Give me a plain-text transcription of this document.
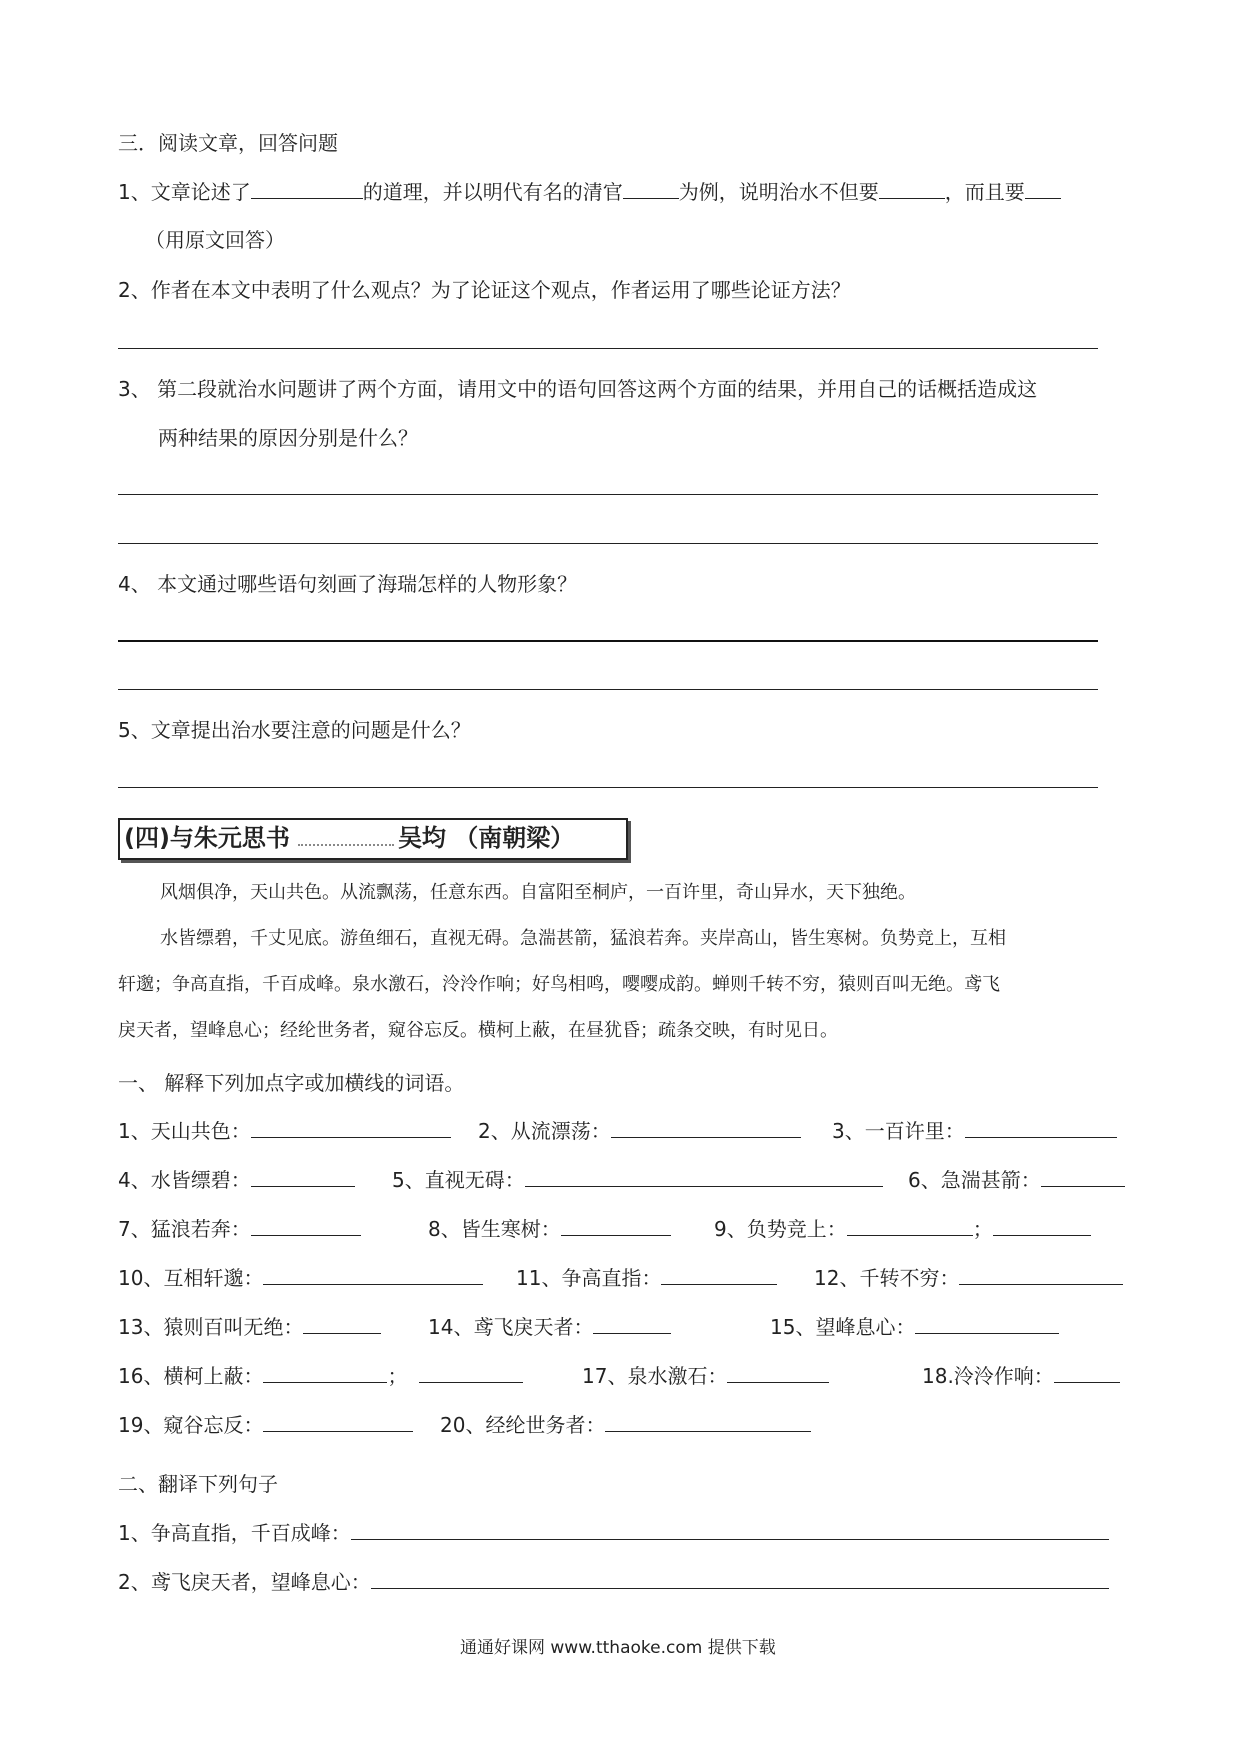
三．阅读文章，回答问题
1、文章论述了	的道理，并以明代有名的清官	为例，说明治水不但要	，而且要
（用原文回答）
2、作者在本文中表明了什么观点？为了论证这个观点，作者运用了哪些论证方法？
3、 第二段就治水问题讲了两个方面，请用文中的语句回答这两个方面的结果，并用自己的话概括造成这
两种结果的原因分别是什么？
4、 本文通过哪些语句刻画了海瑞怎样的人物形象？
5、文章提出治水要注意的问题是什么？
(四)与朱元思书	吴均 （南朝梁）
风烟俱净，天山共色。从流飘荡，任意东西。自富阳至桐庐，一百许里，奇山异水，天下独绝。
水皆缥碧，千丈见底。游鱼细石，直视无碍。急湍甚箭，猛浪若奔。夹岸高山，皆生寒树。负势竞上，互相
轩邈；争高直指，千百成峰。泉水激石，泠泠作响；好鸟相鸣，嘤嘤成韵。蝉则千转不穷，猿则百叫无绝。鸢飞
戾天者，望峰息心；经纶世务者，窥谷忘反。横柯上蔽，在昼犹昏；疏条交映，有时见日。
一、 解释下列加点字或加横线的词语。
1、天山共色：	2、从流漂荡：	3、一百许里：
4、水皆缥碧：	5、直视无碍：	6、急湍甚箭：
7、猛浪若奔：	8、皆生寒树：	9、负势竞上：	；
10、互相轩邈：	11、争高直指：	12、千转不穷：
13、猿则百叫无绝：	14、鸢飞戾天者：	15、望峰息心：
16、横柯上蔽：	；	17、泉水激石：	18.泠泠作响：
19、窥谷忘反：	20、经纶世务者：
二、翻译下列句子
1、争高直指，千百成峰：
2、鸢飞戾天者，望峰息心：
通通好课网 www.tthaoke.com 提供下载
